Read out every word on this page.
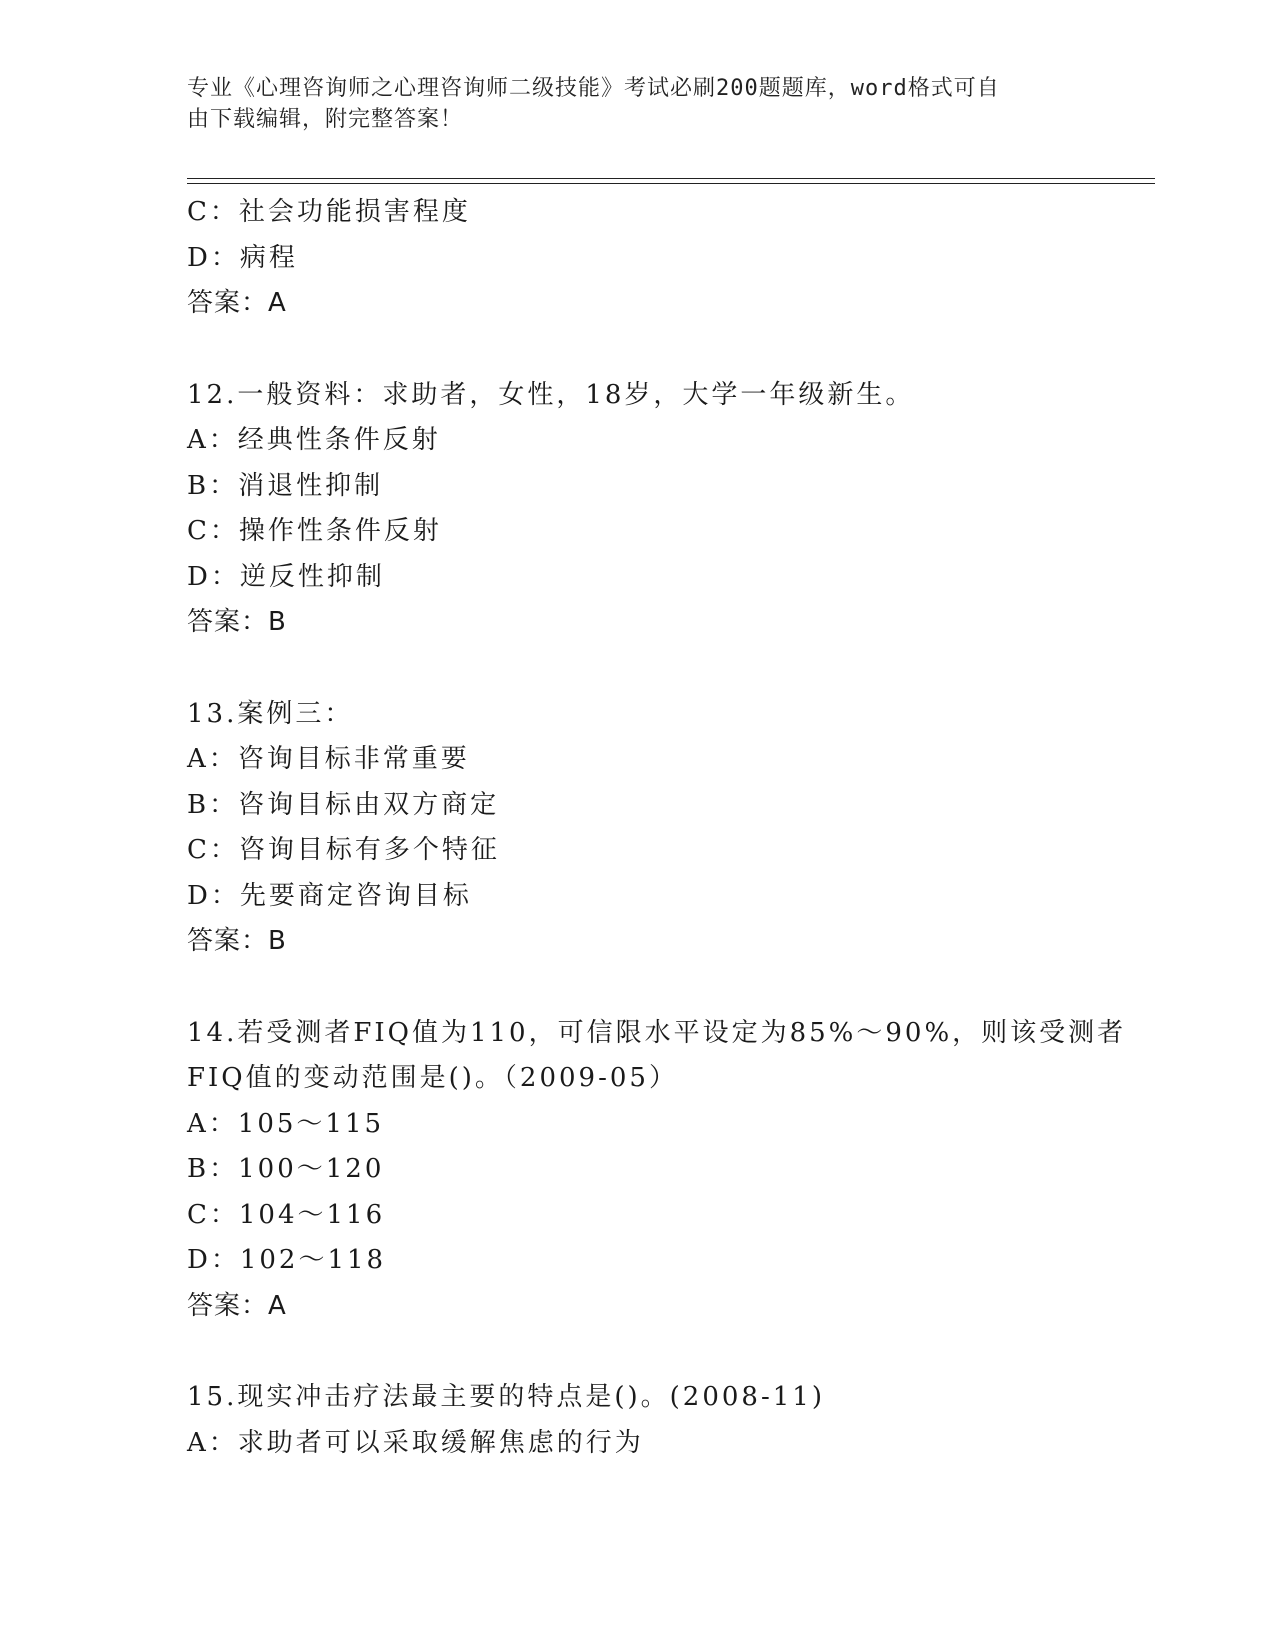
专业《心理咨询师之心理咨询师二级技能》考试必刷200题题库，word格式可自
由下载编辑，附完整答案！
C：社会功能损害程度
D：病程
答案：A
12.一般资料：求助者，女性，18岁，大学一年级新生。
A：经典性条件反射
B：消退性抑制
C：操作性条件反射
D：逆反性抑制
答案：B
13.案例三：
A：咨询目标非常重要
B：咨询目标由双方商定
C：咨询目标有多个特征
D：先要商定咨询目标
答案：B
14.若受测者FIQ值为110，可信限水平设定为85%～90%，则该受测者
FIQ值的变动范围是()。（2009-05）
A：105～115
B：100～120
C：104～116
D：102～118
答案：A
15.现实冲击疗法最主要的特点是()。(2008-11)
A：求助者可以采取缓解焦虑的行为
